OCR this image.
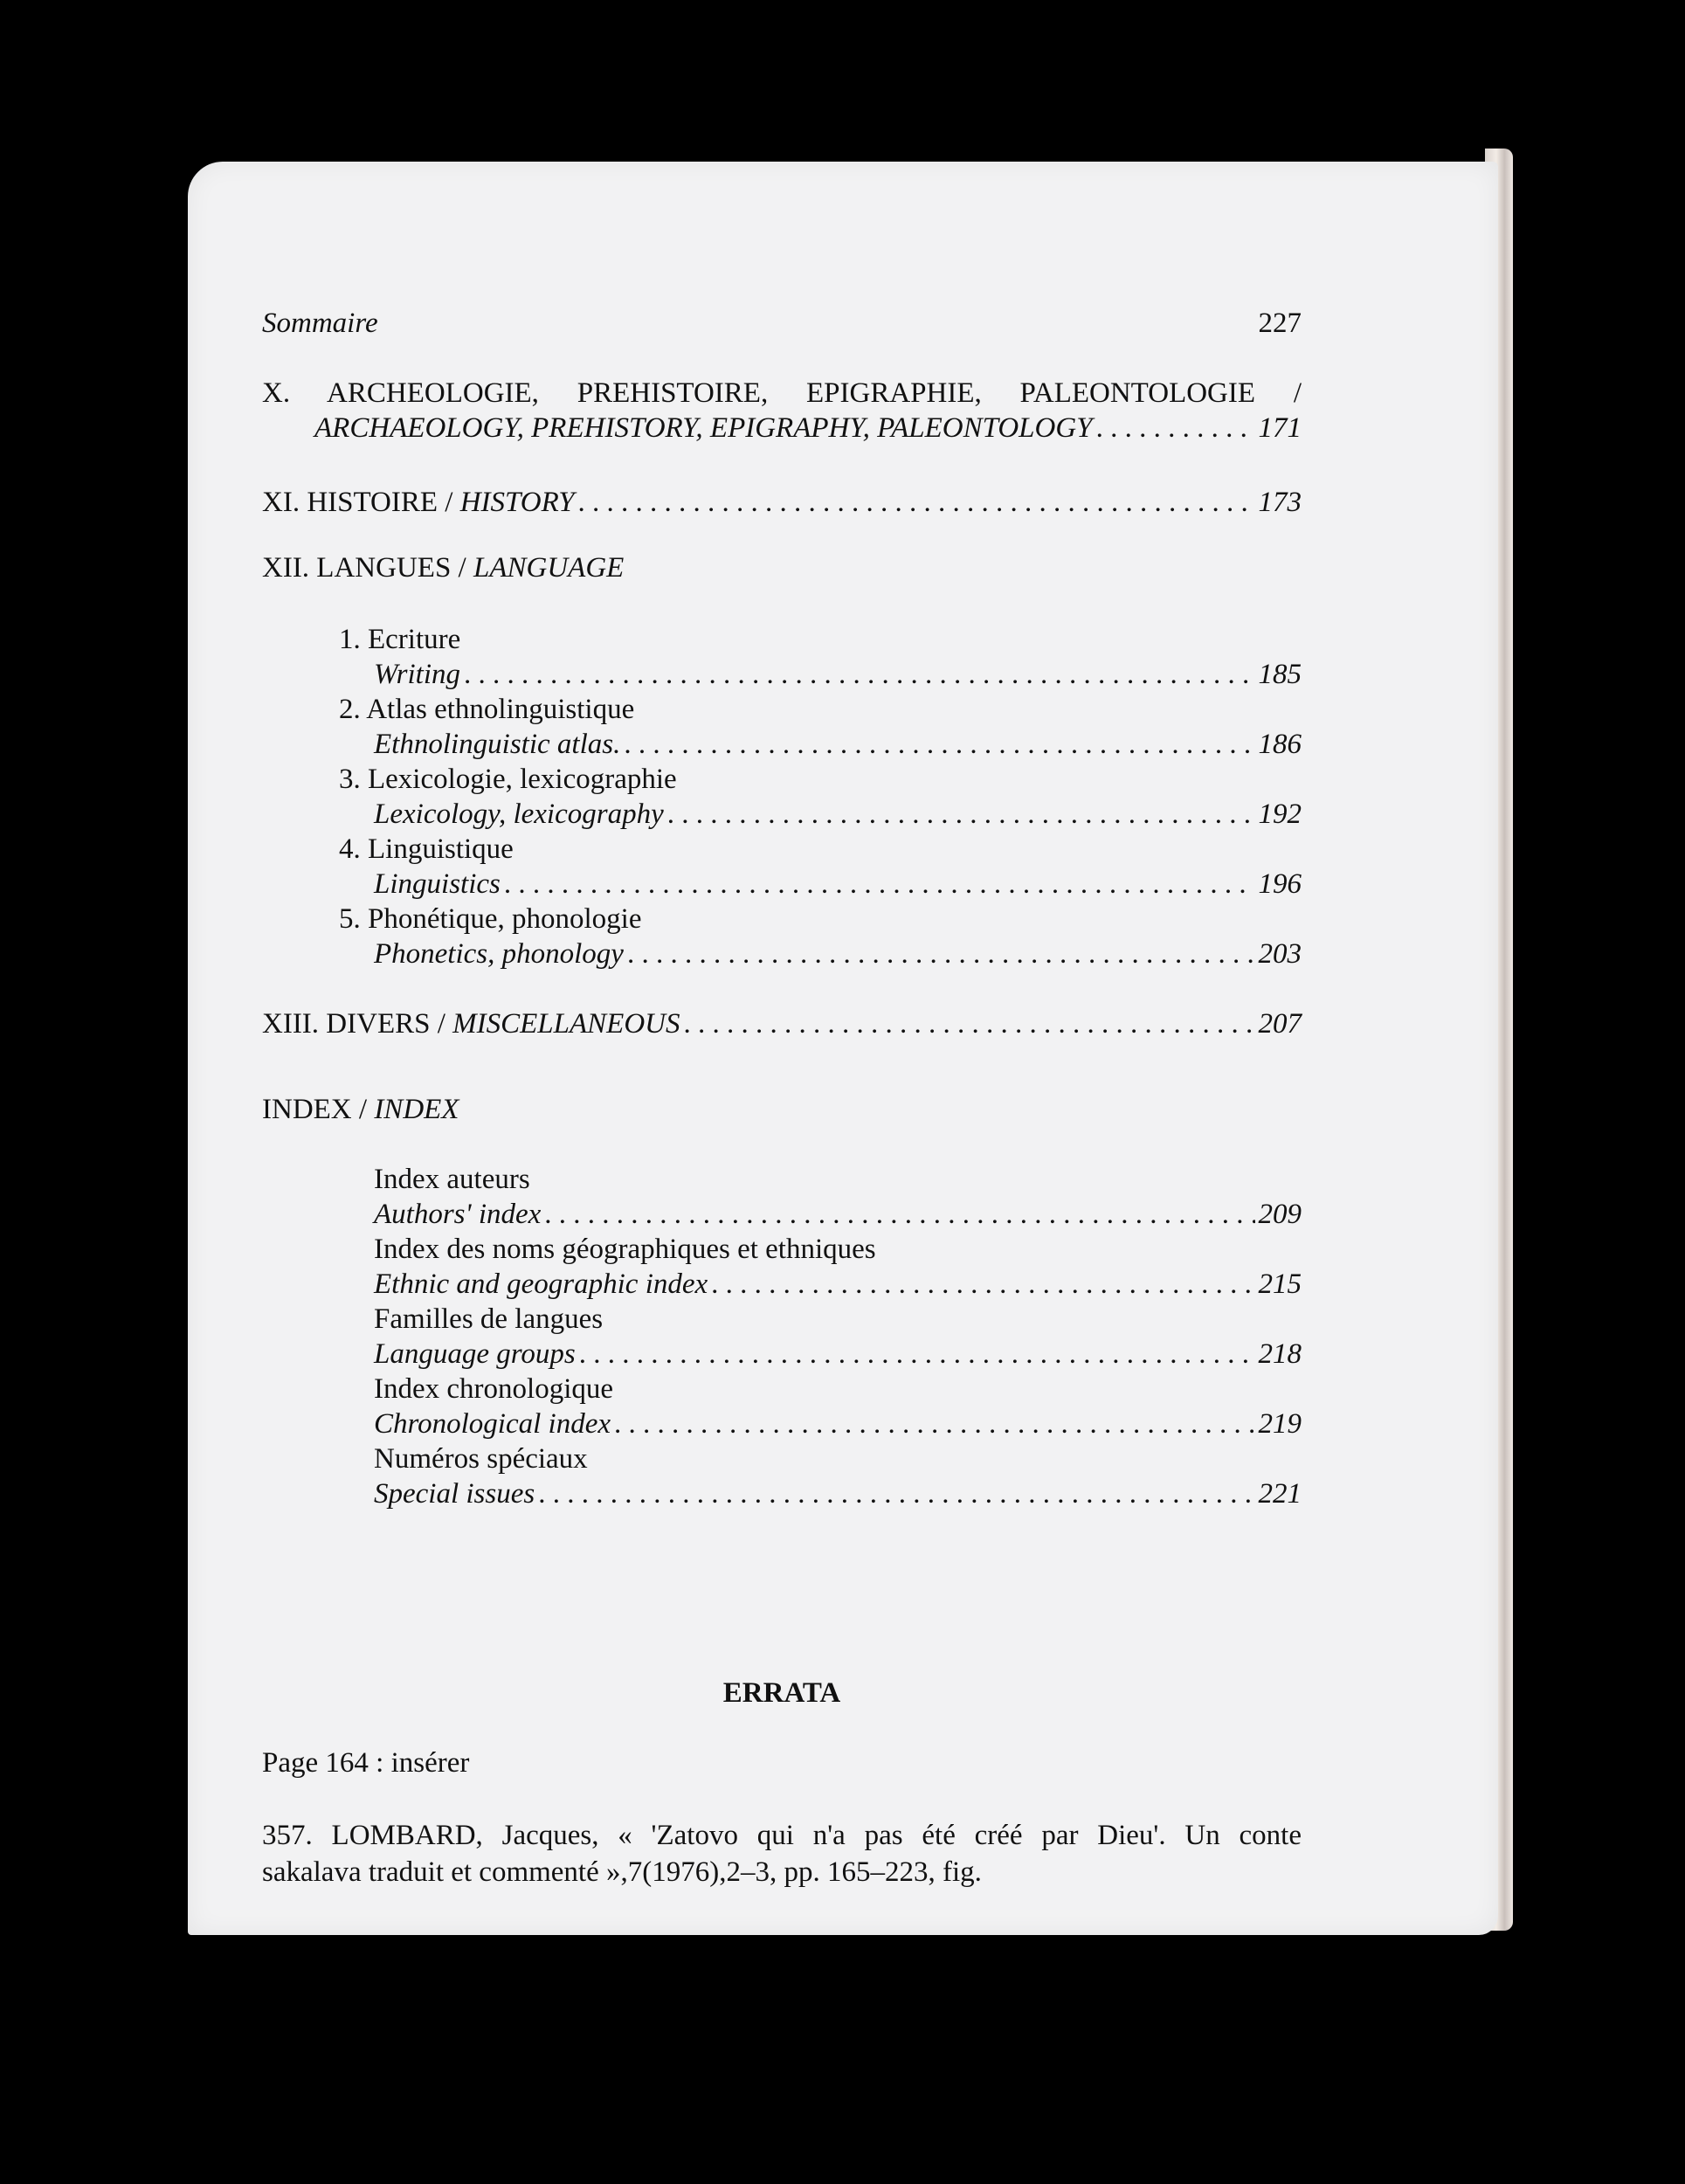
Sommaire	227
X. ARCHEOLOGIE, PREHISTOIRE, EPIGRAPHIE, PALEONTOLOGIE /
ARCHAEOLOGY, PREHISTORY, EPIGRAPHY, PALEONTOLOGY . . .	171
XI. HISTOIRE / HISTORY . . .	173
XII. LANGUES / LANGUAGE
1. Ecriture
Writing . . .	185
2. Atlas ethnolinguistique
Ethnolinguistic atlas. . . .	186
3. Lexicologie, lexicographie
Lexicology, lexicography . . .	192
4. Linguistique
Linguistics . . .	196
5. Phonétique, phonologie
Phonetics, phonology . . .	203
XIII. DIVERS / MISCELLANEOUS . . .	207
INDEX / INDEX
Index auteurs
Authors' index . . .	209
Index des noms géographiques et ethniques
Ethnic and geographic index . . .	215
Familles de langues
Language groups . . .	218
Index chronologique
Chronological index . . .	219
Numéros spéciaux
Special issues . . .	221
ERRATA
Page 164 : insérer
357. LOMBARD, Jacques, « 'Zatovo qui n'a pas été créé par Dieu'. Un conte
sakalava traduit et commenté »,7(1976),2–3, pp. 165–223, fig.
